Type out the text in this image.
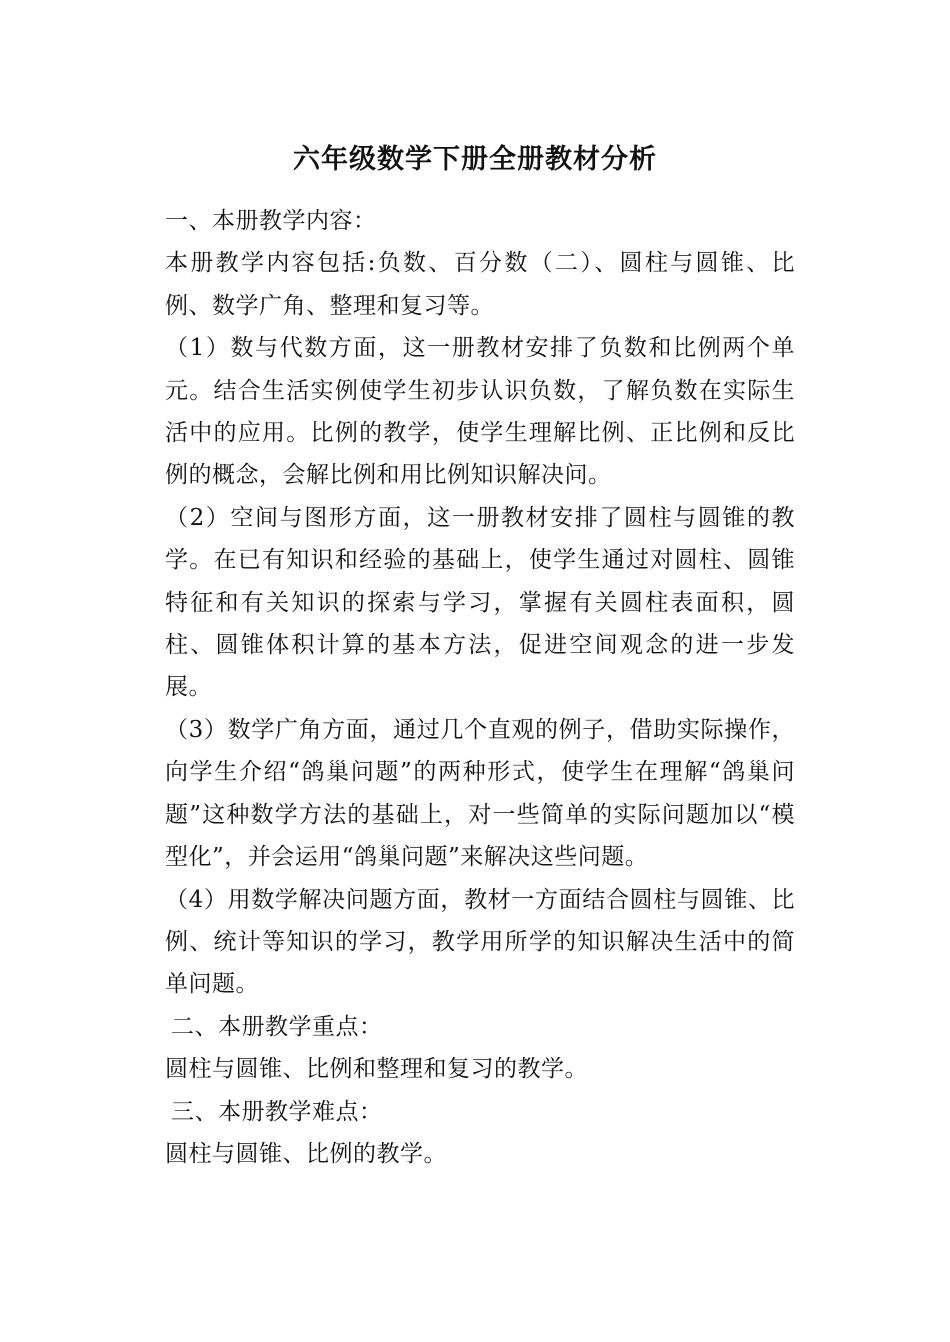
六年级数学下册全册教材分析

一、本册教学内容：

本册教学内容包括:负数、百分数（二）、圆柱与圆锥、比例、数学广角、整理和复习等。

（1）数与代数方面，这一册教材安排了负数和比例两个单元。结合生活实例使学生初步认识负数，了解负数在实际生活中的应用。比例的教学，使学生理解比例、正比例和反比例的概念，会解比例和用比例知识解决问。

（2）空间与图形方面，这一册教材安排了圆柱与圆锥的教学。在已有知识和经验的基础上，使学生通过对圆柱、圆锥特征和有关知识的探索与学习，掌握有关圆柱表面积，圆柱、圆锥体积计算的基本方法，促进空间观念的进一步发展。

（3）数学广角方面，通过几个直观的例子，借助实际操作，向学生介绍“鸽巢问题”的两种形式，使学生在理解“鸽巢问题”这种数学方法的基础上，对一些简单的实际问题加以“模型化”，并会运用“鸽巢问题”来解决这些问题。

（4）用数学解决问题方面，教材一方面结合圆柱与圆锥、比例、统计等知识的学习，教学用所学的知识解决生活中的简单问题。

二、本册教学重点：

圆柱与圆锥、比例和整理和复习的教学。

三、本册教学难点：

圆柱与圆锥、比例的教学。
